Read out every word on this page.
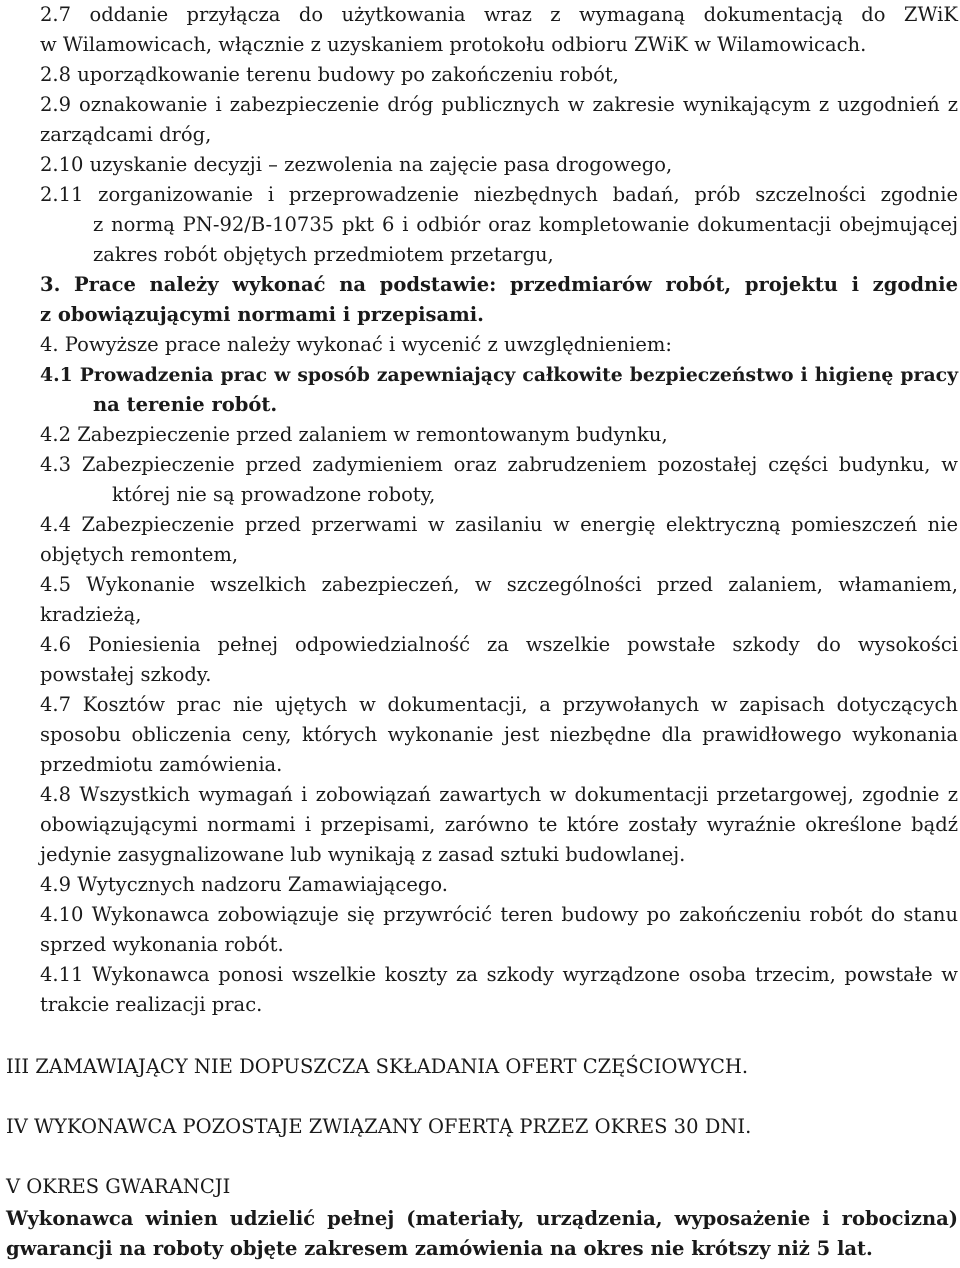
2.7 oddanie przyłącza do użytkowania wraz z wymaganą dokumentacją do ZWiK
w Wilamowicach, włącznie z uzyskaniem protokołu odbioru ZWiK w Wilamowicach.
2.8 uporządkowanie terenu budowy po zakończeniu robót,
2.9 oznakowanie i zabezpieczenie dróg publicznych w zakresie wynikającym z uzgodnień z
zarządcami dróg,
2.10 uzyskanie decyzji – zezwolenia na zajęcie pasa drogowego,
2.11 zorganizowanie i przeprowadzenie niezbędnych badań, prób szczelności zgodnie
z normą PN-92/B-10735 pkt 6 i odbiór oraz kompletowanie dokumentacji obejmującej
zakres robót objętych przedmiotem przetargu,
3. Prace należy wykonać na podstawie: przedmiarów robót, projektu i zgodnie
z obowiązującymi normami i przepisami.
4. Powyższe prace należy wykonać i wycenić z uwzględnieniem:
4.1 Prowadzenia prac w sposób zapewniający całkowite bezpieczeństwo i higienę pracy
na terenie robót.
4.2 Zabezpieczenie przed zalaniem w remontowanym budynku,
4.3 Zabezpieczenie przed zadymieniem oraz zabrudzeniem pozostałej części budynku, w
której nie są prowadzone roboty,
4.4 Zabezpieczenie przed przerwami w zasilaniu w energię elektryczną pomieszczeń nie
objętych remontem,
4.5 Wykonanie wszelkich zabezpieczeń, w szczególności przed zalaniem, włamaniem,
kradzieżą,
4.6 Poniesienia pełnej odpowiedzialność za wszelkie powstałe szkody do wysokości
powstałej szkody.
4.7 Kosztów prac nie ujętych w dokumentacji, a przywołanych w zapisach dotyczących
sposobu obliczenia ceny, których wykonanie jest niezbędne dla prawidłowego wykonania
przedmiotu zamówienia.
4.8 Wszystkich wymagań i zobowiązań zawartych w dokumentacji przetargowej, zgodnie z
obowiązującymi normami i przepisami, zarówno te które zostały wyraźnie określone bądź
jedynie zasygnalizowane lub wynikają z zasad sztuki budowlanej.
4.9 Wytycznych nadzoru Zamawiającego.
4.10 Wykonawca zobowiązuje się przywrócić teren budowy po zakończeniu robót do stanu
sprzed wykonania robót.
4.11 Wykonawca ponosi wszelkie koszty za szkody wyrządzone osoba trzecim, powstałe w
trakcie realizacji prac.
III ZAMAWIAJĄCY NIE DOPUSZCZA SKŁADANIA OFERT CZĘŚCIOWYCH.
IV WYKONAWCA POZOSTAJE ZWIĄZANY OFERTĄ PRZEZ OKRES 30 DNI.
V OKRES GWARANCJI
Wykonawca winien udzielić pełnej (materiały, urządzenia, wyposażenie i robocizna)
gwarancji na roboty objęte zakresem zamówienia na okres nie krótszy niż 5 lat.
